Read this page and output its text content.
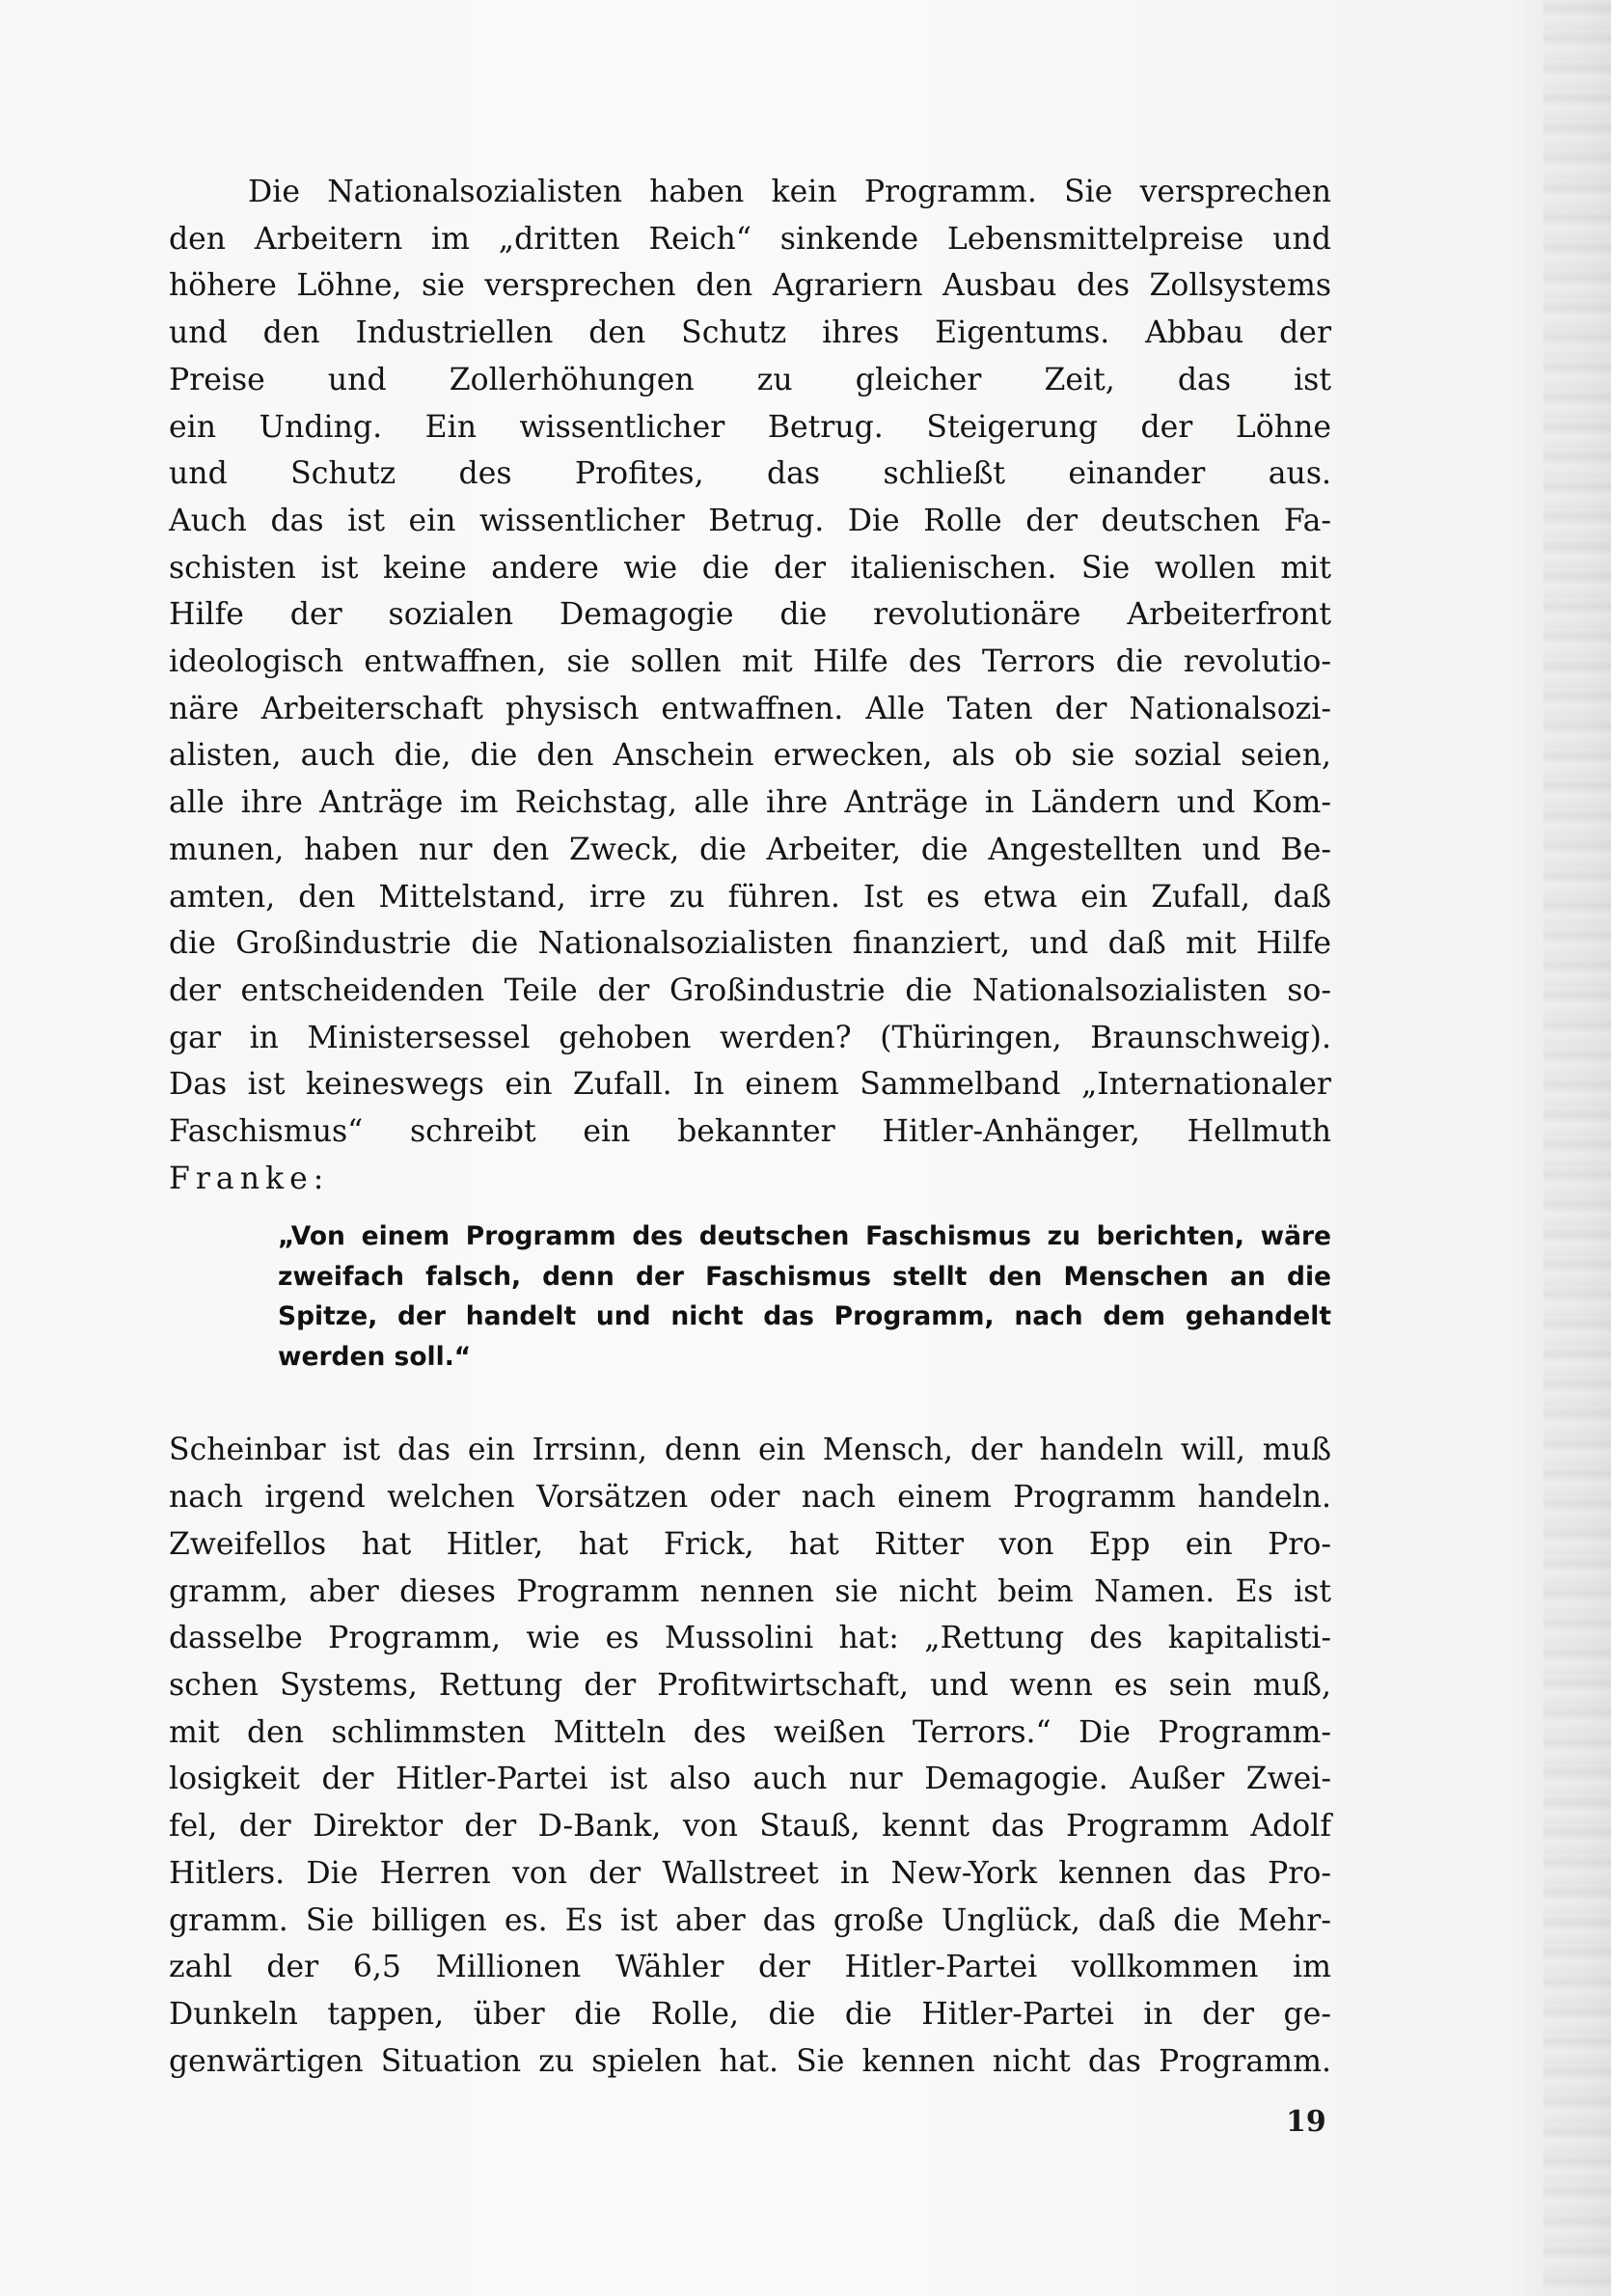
Die Nationalsozialisten haben kein Programm. Sie versprechen
den Arbeitern im „dritten Reich“ sinkende Lebensmittelpreise und
höhere Löhne, sie versprechen den Agrariern Ausbau des Zollsystems
und den Industriellen den Schutz ihres Eigentums. Abbau der
Preise und Zollerhöhungen zu gleicher Zeit, das ist
ein Unding. Ein wissentlicher Betrug. Steigerung der Löhne
und Schutz des Profites, das schließt einander aus.
Auch das ist ein wissentlicher Betrug. Die Rolle der deutschen Fa-
schisten ist keine andere wie die der italienischen. Sie wollen mit
Hilfe der sozialen Demagogie die revolutionäre Arbeiterfront
ideologisch entwaffnen, sie sollen mit Hilfe des Terrors die revolutio-
näre Arbeiterschaft physisch entwaffnen. Alle Taten der Nationalsozi-
alisten, auch die, die den Anschein erwecken, als ob sie sozial seien,
alle ihre Anträge im Reichstag, alle ihre Anträge in Ländern und Kom-
munen, haben nur den Zweck, die Arbeiter, die Angestellten und Be-
amten, den Mittelstand, irre zu führen. Ist es etwa ein Zufall, daß
die Großindustrie die Nationalsozialisten finanziert, und daß mit Hilfe
der entscheidenden Teile der Großindustrie die Nationalsozialisten so-
gar in Ministersessel gehoben werden? (Thüringen, Braunschweig).
Das ist keineswegs ein Zufall. In einem Sammelband „Internationaler
Faschismus“ schreibt ein bekannter Hitler-Anhänger, Hellmuth
Franke:
„Von einem Programm des deutschen Faschismus zu berichten, wäre
zweifach falsch, denn der Faschismus stellt den Menschen an die
Spitze, der handelt und nicht das Programm, nach dem gehandelt
werden soll.“
Scheinbar ist das ein Irrsinn, denn ein Mensch, der handeln will, muß
nach irgend welchen Vorsätzen oder nach einem Programm handeln.
Zweifellos hat Hitler, hat Frick, hat Ritter von Epp ein Pro-
gramm, aber dieses Programm nennen sie nicht beim Namen. Es ist
dasselbe Programm, wie es Mussolini hat: „Rettung des kapitalisti-
schen Systems, Rettung der Profitwirtschaft, und wenn es sein muß,
mit den schlimmsten Mitteln des weißen Terrors.“ Die Programm-
losigkeit der Hitler-Partei ist also auch nur Demagogie. Außer Zwei-
fel, der Direktor der D-Bank, von Stauß, kennt das Programm Adolf
Hitlers. Die Herren von der Wallstreet in New-York kennen das Pro-
gramm. Sie billigen es. Es ist aber das große Unglück, daß die Mehr-
zahl der 6,5 Millionen Wähler der Hitler-Partei vollkommen im
Dunkeln tappen, über die Rolle, die die Hitler-Partei in der ge-
genwärtigen Situation zu spielen hat. Sie kennen nicht das Programm.
19
